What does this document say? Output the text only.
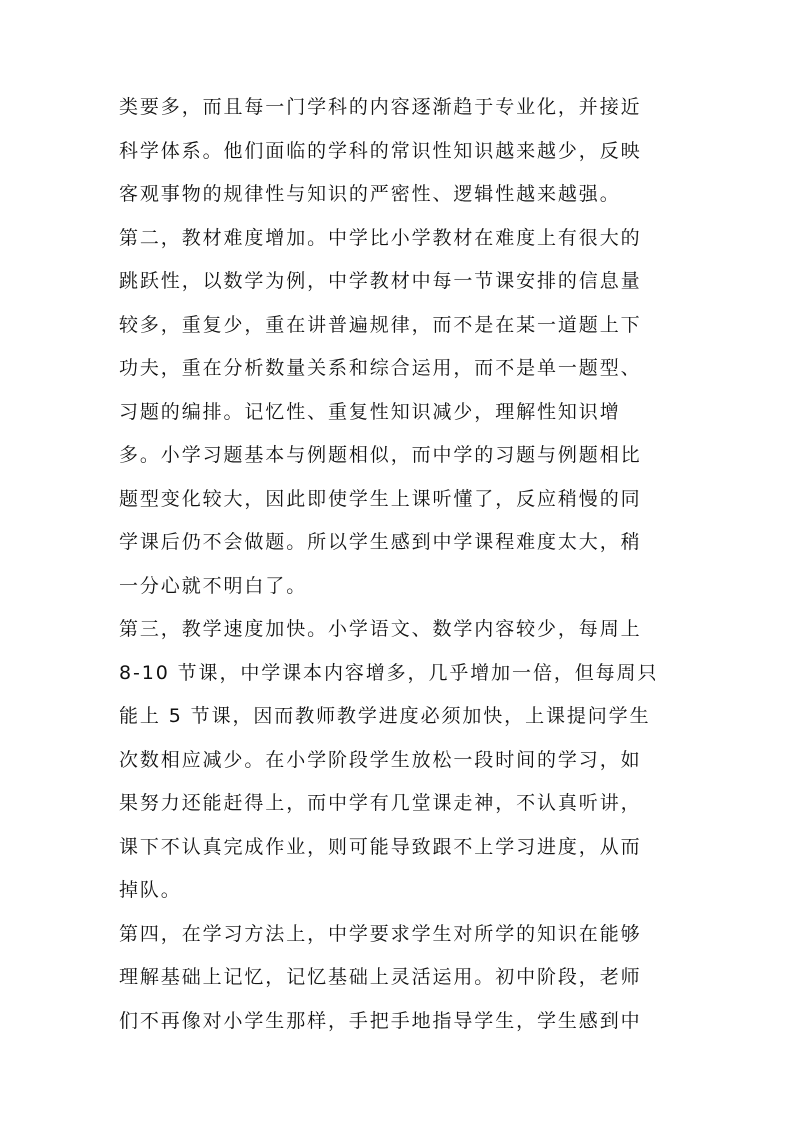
类要多，而且每一门学科的内容逐渐趋于专业化，并接近
科学体系。他们面临的学科的常识性知识越来越少，反映
客观事物的规律性与知识的严密性、逻辑性越来越强。
第二，教材难度增加。中学比小学教材在难度上有很大的
跳跃性，以数学为例，中学教材中每一节课安排的信息量
较多，重复少，重在讲普遍规律，而不是在某一道题上下
功夫，重在分析数量关系和综合运用，而不是单一题型、
习题的编排。记忆性、重复性知识减少，理解性知识增
多。小学习题基本与例题相似，而中学的习题与例题相比
题型变化较大，因此即使学生上课听懂了，反应稍慢的同
学课后仍不会做题。所以学生感到中学课程难度太大，稍
一分心就不明白了。
第三，教学速度加快。小学语文、数学内容较少，每周上
8-10 节课，中学课本内容增多，几乎增加一倍，但每周只
能上 5 节课，因而教师教学进度必须加快，上课提问学生
次数相应减少。在小学阶段学生放松一段时间的学习，如
果努力还能赶得上，而中学有几堂课走神，不认真听讲，
课下不认真完成作业，则可能导致跟不上学习进度，从而
掉队。
第四，在学习方法上，中学要求学生对所学的知识在能够
理解基础上记忆，记忆基础上灵活运用。初中阶段，老师
们不再像对小学生那样，手把手地指导学生，学生感到中
